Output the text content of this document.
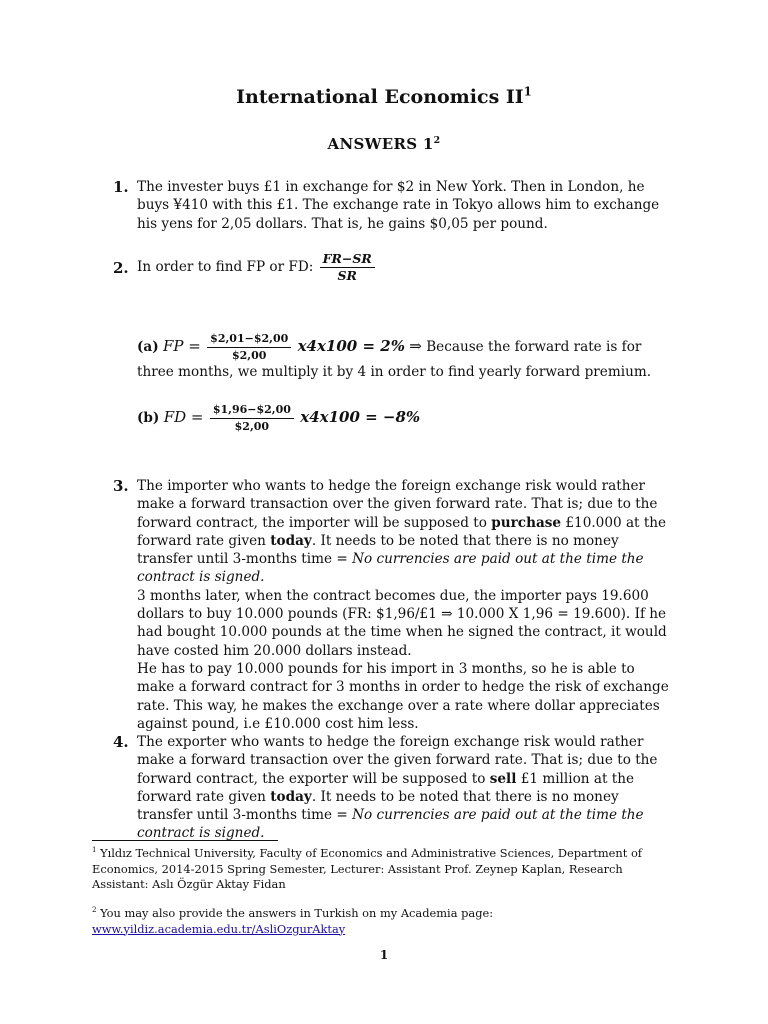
International Economics $II^1$
ANSWERS $1^2$
1. The invester buys £1 in exchange for $2 in New York. Then in London, he buys ¥410 with this £1. The exchange rate in Tokyo allows him to exchange his yens for 2,05 dollars. That is, he gains $0,05 per pound.
2. In order to find FP or FD: $\frac{FR-SR}{SR}$
(a) FP = $\frac{\$2,01-\$2,00}{\$2,00} x4x100 = 2\%$ ⇒ Because the forward rate is for three months, we multiply it by 4 in order to find yearly forward premium.
(b) FD = $\frac{\$1,96-\$2,00}{\$2,00} x4x100 = -8\%$
3. The importer who wants to hedge the foreign exchange risk would rather make a forward transaction over the given forward rate. That is; due to the forward contract, the importer will be supposed to purchase £10.000 at the forward rate given today. It needs to be noted that there is no money transfer until 3-months time = No currencies are paid out at the time the contract is signed.
3 months later, when the contract becomes due, the importer pays 19.600 dollars to buy 10.000 pounds (FR: $1,96/£1 ⇒ 10.000 X 1,96 = 19.600). If he had bought 10.000 pounds at the time when he signed the contract, it would have costed him 20.000 dollars instead.
He has to pay 10.000 pounds for his import in 3 months, so he is able to make a forward contract for 3 months in order to hedge the risk of exchange rate. This way, he makes the exchange over a rate where dollar appreciates against pound, i.e £10.000 cost him less.
4. The exporter who wants to hedge the foreign exchange risk would rather make a forward transaction over the given forward rate. That is; due to the forward contract, the exporter will be supposed to sell £1 million at the forward rate given today. It needs to be noted that there is no money transfer until 3-months time = No currencies are paid out at the time the contract is signed.
$^1$ Yıldız Technical University, Faculty of Economics and Administrative Sciences, Department of Economics, 2014-2015 Spring Semester, Lecturer: Assistant Prof. Zeynep Kaplan, Research Assistant: Aslı Özgür Aktay Fidan
$^2$ You may also provide the answers in Turkish on my Academia page:
www.yildiz.academia.edu.tr/AsliOzgurAktay
1
